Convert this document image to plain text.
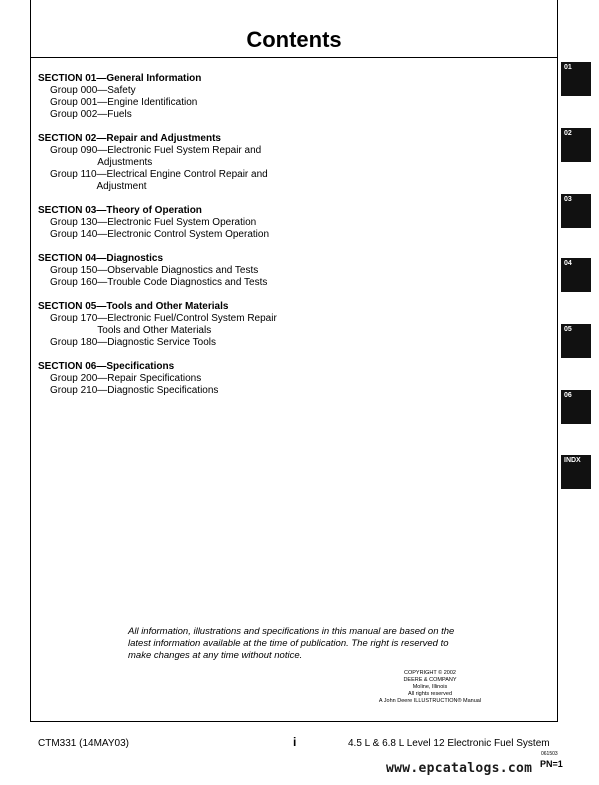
Contents
SECTION 01—General Information
Group 000 —Safety
Group 001 —Engine Identification
Group 002 —Fuels
SECTION 02—Repair and Adjustments
Group 090 —Electronic Fuel System Repair and
Adjustments
Group 110 —Electrical Engine Control Repair and
Adjustment
SECTION 03—Theory of Operation
Group 130 —Electronic Fuel System Operation
Group 140 —Electronic Control System Operation
SECTION 04—Diagnostics
Group 150 —Observable Diagnostics and Tests
Group 160 —Trouble Code Diagnostics and Tests
SECTION 05—Tools and Other Materials
Group 170 —Electronic Fuel/Control System Repair
Tools and Other Materials
Group 180 —Diagnostic Service Tools
SECTION 06—Specifications
Group 200 —Repair Specifications
Group 210 —Diagnostic Specifications
01
02
03
04
05
06
INDX
All information, illustrations and specifications in this manual are based on the latest information available at the time of publication. The right is reserved to make changes at any time without notice.
COPYRIGHT © 2002
DEERE & COMPANY
Moline, Illinois
All rights reserved
A John Deere ILLUSTRUCTION® Manual
CTM331 (14MAY03)	i	4.5 L & 6.8 L Level 12 Electronic Fuel System
061503
PN=1
www.epcatalogs.com
